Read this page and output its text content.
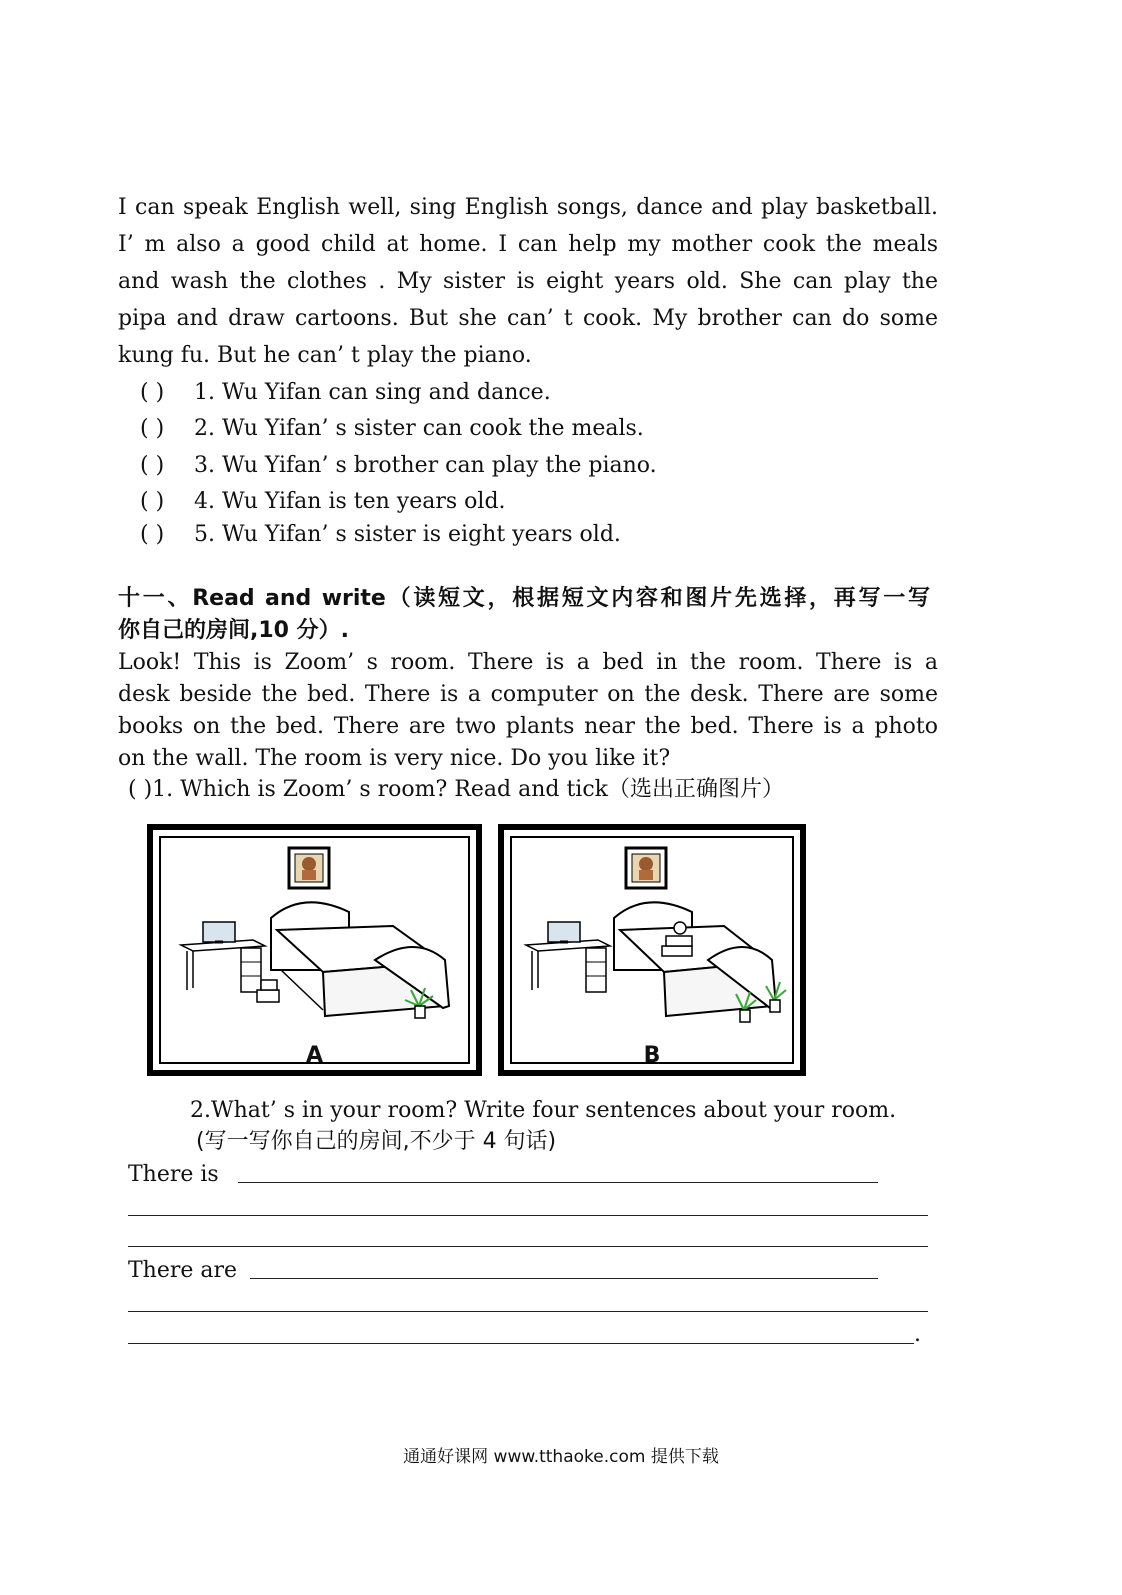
I can speak English well, sing English songs, dance and play basketball.
I’ m also a good child at home. I can help my mother cook the meals
and wash the clothes . My sister is eight years old. She can play the
pipa and draw cartoons. But she can’ t cook. My brother can do some
kung fu. But he can’ t play the piano.
( ) 1. Wu Yifan can sing and dance.
( ) 2. Wu Yifan’ s sister can cook the meals.
( ) 3. Wu Yifan’ s brother can play the piano.
( ) 4. Wu Yifan is ten years old.
( ) 5. Wu Yifan’ s sister is eight years old.
十一、Read and write（读短文，根据短文内容和图片先选择，再写一写
你自己的房间,10 分）.
Look! This is Zoom’ s room. There is a bed in the room. There is a
desk beside the bed. There is a computer on the desk. There are some
books on the bed. There are two plants near the bed. There is a photo
on the wall. The room is very nice. Do you like it?
( )1. Which is Zoom’ s room? Read and tick（选出正确图片）
A	B
2.What’ s in your room? Write four sentences about your room.
(写一写你自己的房间,不少于 4 句话)
There is
There are
.
通通好课网 www.tthaoke.com 提供下载
